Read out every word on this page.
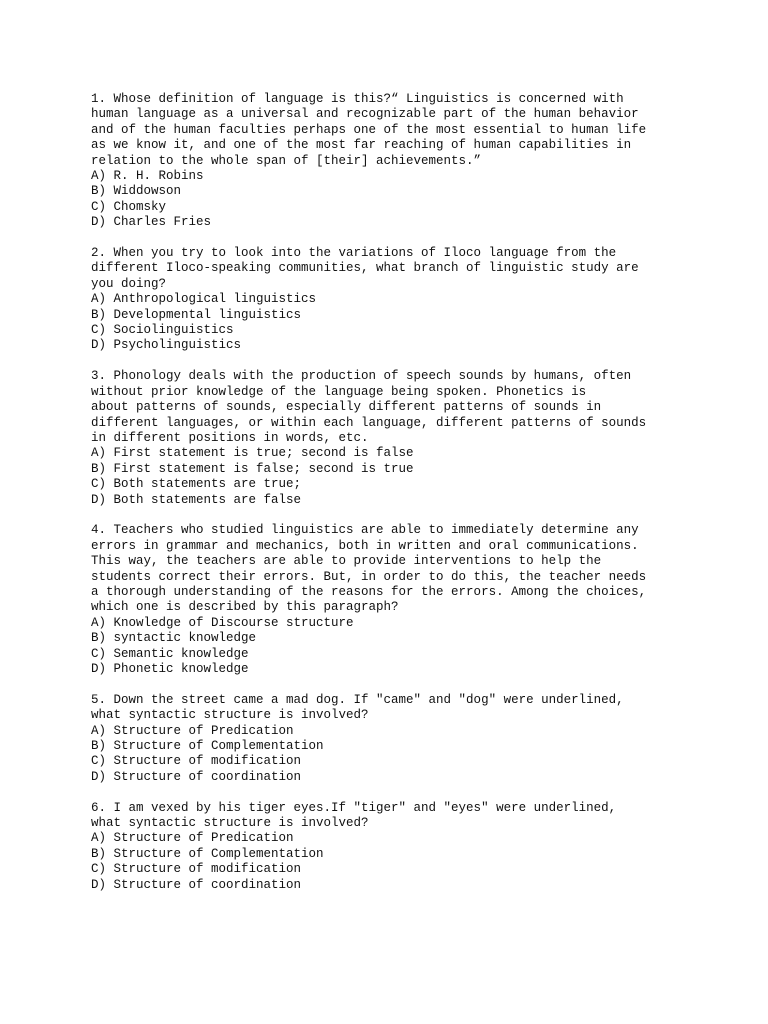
1. Whose definition of language is this?“ Linguistics is concerned with
human language as a universal and recognizable part of the human behavior
and of the human faculties perhaps one of the most essential to human life
as we know it, and one of the most far reaching of human capabilities in
relation to the whole span of [their] achievements.”
A) R. H. Robins
B) Widdowson
C) Chomsky
D) Charles Fries
2. When you try to look into the variations of Iloco language from the
different Iloco-speaking communities, what branch of linguistic study are
you doing?
A) Anthropological linguistics
B) Developmental linguistics
C) Sociolinguistics
D) Psycholinguistics
3. Phonology deals with the production of speech sounds by humans, often
without prior knowledge of the language being spoken. Phonetics is
about patterns of sounds, especially different patterns of sounds in
different languages, or within each language, different patterns of sounds
in different positions in words, etc.
A) First statement is true; second is false
B) First statement is false; second is true
C) Both statements are true;
D) Both statements are false
4. Teachers who studied linguistics are able to immediately determine any
errors in grammar and mechanics, both in written and oral communications.
This way, the teachers are able to provide interventions to help the
students correct their errors. But, in order to do this, the teacher needs
a thorough understanding of the reasons for the errors. Among the choices,
which one is described by this paragraph?
A) Knowledge of Discourse structure
B) syntactic knowledge
C) Semantic knowledge
D) Phonetic knowledge
5. Down the street came a mad dog. If "came" and "dog" were underlined,
what syntactic structure is involved?
A) Structure of Predication
B) Structure of Complementation
C) Structure of modification
D) Structure of coordination
6. I am vexed by his tiger eyes.If "tiger" and "eyes" were underlined,
what syntactic structure is involved?
A) Structure of Predication
B) Structure of Complementation
C) Structure of modification
D) Structure of coordination
